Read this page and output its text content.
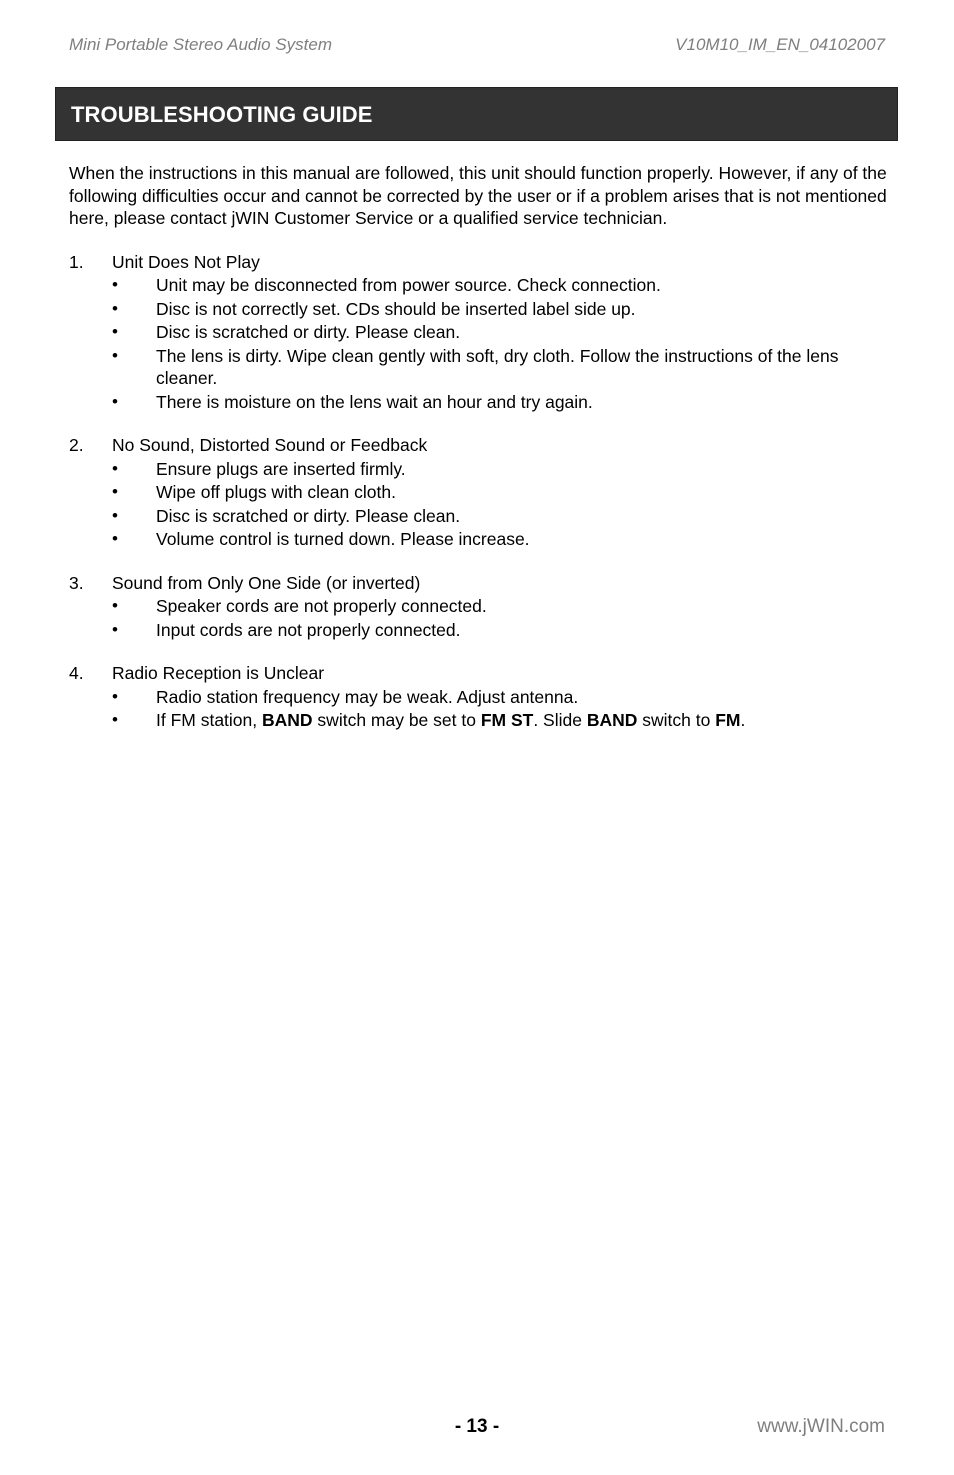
Mini Portable Stereo Audio System	V10M10_IM_EN_04102007
TROUBLESHOOTING GUIDE

When the instructions in this manual are followed, this unit should function properly. However, if any of the following difficulties occur and cannot be corrected by the user or if a problem arises that is not mentioned here, please contact jWIN Customer Service or a qualified service technician.

1. Unit Does Not Play
• Unit may be disconnected from power source. Check connection.
• Disc is not correctly set. CDs should be inserted label side up.
• Disc is scratched or dirty. Please clean.
• The lens is dirty. Wipe clean gently with soft, dry cloth. Follow the instructions of the lens cleaner.
• There is moisture on the lens wait an hour and try again.
2. No Sound, Distorted Sound or Feedback
• Ensure plugs are inserted firmly.
• Wipe off plugs with clean cloth.
• Disc is scratched or dirty. Please clean.
• Volume control is turned down. Please increase.
3. Sound from Only One Side (or inverted)
• Speaker cords are not properly connected.
• Input cords are not properly connected.
4. Radio Reception is Unclear
• Radio station frequency may be weak. Adjust antenna.
• If FM station, BAND switch may be set to FM ST. Slide BAND switch to FM.
- 13 -	www.jWIN.com
